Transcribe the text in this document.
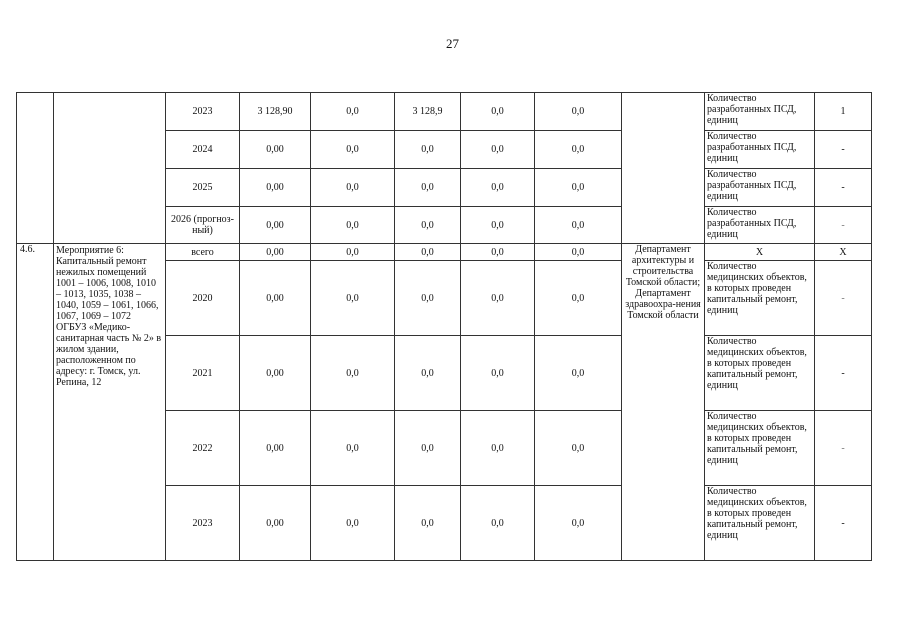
27
		2023	3 128,90	0,0	3 128,9	0,0	0,0		Количество разработанных ПСД, единиц	1
		2024	0,00	0,0	0,0	0,0	0,0		Количество разработанных ПСД, единиц	-
		2025	0,00	0,0	0,0	0,0	0,0		Количество разработанных ПСД, единиц	-
		2026 (прогноз-ный)	0,00	0,0	0,0	0,0	0,0		Количество разработанных ПСД, единиц	-
4.6.	Мероприятие 6: Капитальный ремонт нежилых помещений 1001 – 1006, 1008, 1010 – 1013, 1035, 1038 – 1040, 1059 – 1061, 1066, 1067, 1069 – 1072 ОГБУЗ «Медико-санитарная часть № 2» в жилом здании, расположенном по адресу: г. Томск, ул. Репина, 12	всего	0,00	0,0	0,0	0,0	0,0	Департамент архитектуры и строительства Томской области; Департамент здравоохра-нения Томской области	Х	Х
		2020	0,00	0,0	0,0	0,0	0,0		Количество медицинских объектов, в которых проведен капитальный ремонт, единиц	-
		2021	0,00	0,0	0,0	0,0	0,0		Количество медицинских объектов, в которых проведен капитальный ремонт, единиц	-
		2022	0,00	0,0	0,0	0,0	0,0		Количество медицинских объектов, в которых проведен капитальный ремонт, единиц	-
		2023	0,00	0,0	0,0	0,0	0,0		Количество медицинских объектов, в которых проведен капитальный ремонт, единиц	-
